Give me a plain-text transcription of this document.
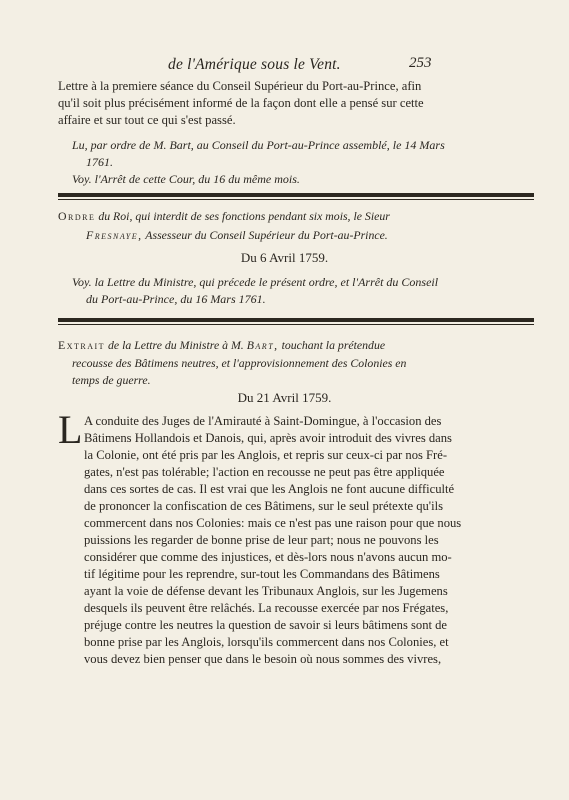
de l'Amérique sous le Vent.	253
Lettre à la premiere séance du Conseil Supérieur du Port-au-Prince, afin
qu'il soit plus précisément informé de la façon dont elle a pensé sur cette
affaire et sur tout ce qui s'est passé.
Lu, par ordre de M. Bart, au Conseil du Port-au-Prince assemblé, le 14 Mars
1761.
Voy. l'Arrêt de cette Cour, du 16 du même mois.
Ordre du Roi, qui interdit de ses fonctions pendant six mois, le Sieur
Fresnaye, Assesseur du Conseil Supérieur du Port-au-Prince.
Du 6 Avril 1759.
Voy. la Lettre du Ministre, qui précede le présent ordre, et l'Arrêt du Conseil
du Port-au-Prince, du 16 Mars 1761.
Extrait de la Lettre du Ministre à M. Bart, touchant la prétendue
recousse des Bâtimens neutres, et l'approvisionnement des Colonies en
temps de guerre.
Du 21 Avril 1759.
L A conduite des Juges de l'Amirauté à Saint-Domingue, à l'occasion des
Bâtimens Hollandois et Danois, qui, après avoir introduit des vivres dans
la Colonie, ont été pris par les Anglois, et repris sur ceux-ci par nos Fré-
gates, n'est pas tolérable; l'action en recousse ne peut pas être appliquée
dans ces sortes de cas. Il est vrai que les Anglois ne font aucune difficulté
de prononcer la confiscation de ces Bâtimens, sur le seul prétexte qu'ils
commercent dans nos Colonies: mais ce n'est pas une raison pour que nous
puissions les regarder de bonne prise de leur part; nous ne pouvons les
considérer que comme des injustices, et dès-lors nous n'avons aucun mo-
tif légitime pour les reprendre, sur-tout les Commandans des Bâtimens
ayant la voie de défense devant les Tribunaux Anglois, sur les Jugemens
desquels ils peuvent être relâchés. La recousse exercée par nos Frégates,
préjuge contre les neutres la question de savoir si leurs bâtimens sont de
bonne prise par les Anglois, lorsqu'ils commercent dans nos Colonies, et
vous devez bien penser que dans le besoin où nous sommes des vivres,
